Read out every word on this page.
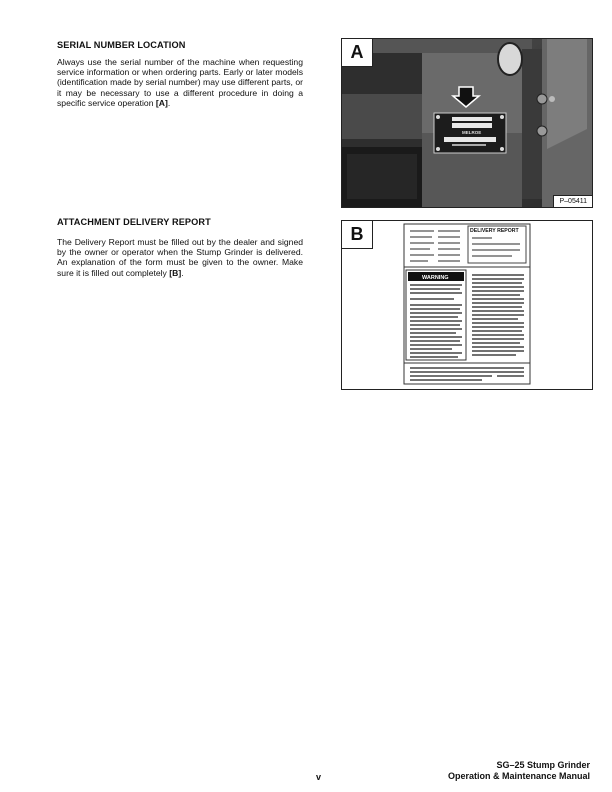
SERIAL NUMBER LOCATION
Always use the serial number of the machine when requesting service information or when ordering parts. Early or later models (identification made by serial number) may use different parts, or it may be necessary to use a different procedure in doing a specific service operation [A].
ATTACHMENT DELIVERY REPORT
The Delivery Report must be filled out by the dealer and signed by the owner or operator when the Stump Grinder is delivered. An explanation of the form must be given to the owner. Make sure it is filled out completely [B].
MELROE
A
P–05411
DELIVERY REPORT
WARNING
B
v
SG–25 Stump Grinder
Operation & Maintenance Manual
